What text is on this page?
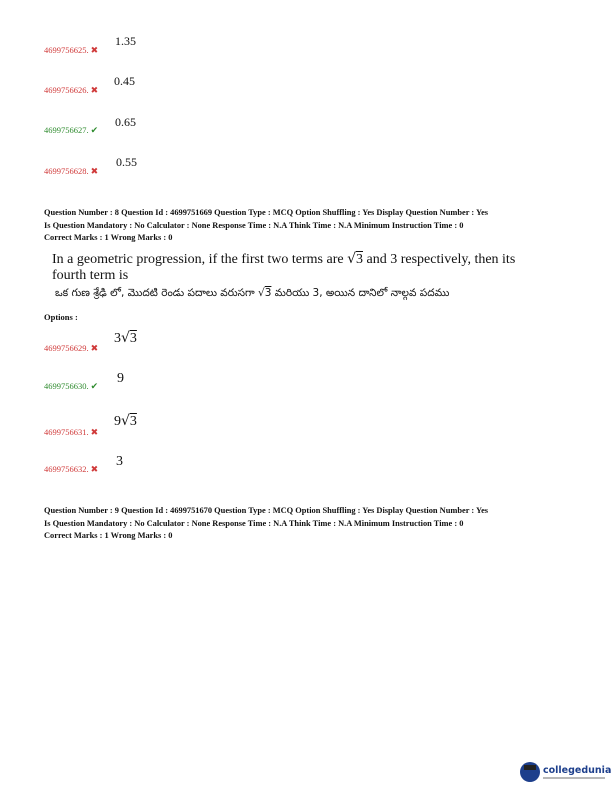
4699756625. ✖
1.35
4699756626. ✖
0.45
4699756627. ✔
0.65
4699756628. ✖
0.55
Question Number : 8 Question Id : 4699751669 Question Type : MCQ Option Shuffling : Yes Display Question Number : Yes
Is Question Mandatory : No Calculator : None Response Time : N.A Think Time : N.A Minimum Instruction Time : 0
Correct Marks : 1 Wrong Marks : 0
In a geometric progression, if the first two terms are √3 and 3 respectively, then its
fourth term is
ఒక గుణ శ్రేఢి లో, మొదటి రెండు పదాలు వరుసగా √3 మరియు 3, అయిన దానిలో నాల్గవ పదము
Options :
4699756629. ✖
3√3
4699756630. ✔ 9
4699756631. ✖
9√3
4699756632. ✖ 3
Question Number : 9 Question Id : 4699751670 Question Type : MCQ Option Shuffling : Yes Display Question Number : Yes
Is Question Mandatory : No Calculator : None Response Time : N.A Think Time : N.A Minimum Instruction Time : 0
Correct Marks : 1 Wrong Marks : 0
collegedunia
